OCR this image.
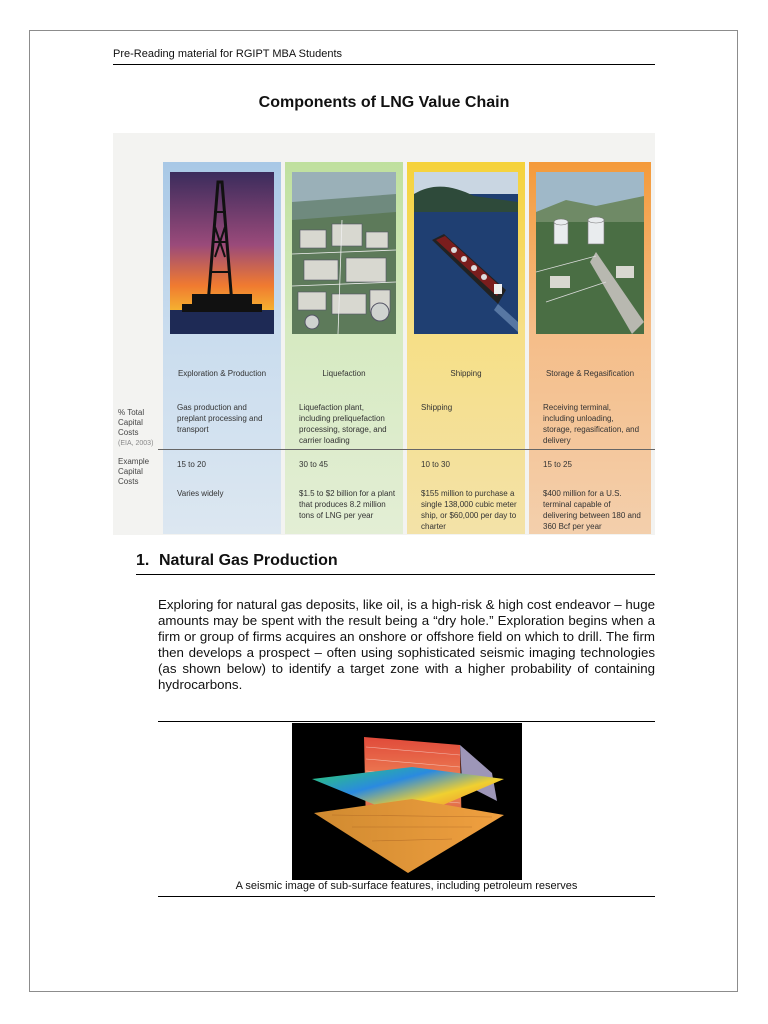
Pre-Reading material for RGIPT MBA Students
Components of LNG Value Chain
Exploration & Production
Gas production and preplant processing and transport
15 to 20
Varies widely
Liquefaction
Liquefaction plant, including preliquefaction processing, storage, and carrier loading
30 to 45
$1.5 to $2 billion for a plant that produces 8.2 million tons of LNG per year
Shipping
Shipping
10 to 30
$155 million to purchase a single 138,000 cubic meter ship, or $60,000 per day to charter
Storage & Regasification
Receiving terminal, including unloading, storage, regasification, and delivery
15 to 25
$400 million for a U.S. terminal capable of delivering between 180 and 360 Bcf per year
% Total Capital Costs
(EIA, 2003)
Example Capital Costs
1. Natural Gas Production
Exploring for natural gas deposits, like oil, is a high-risk & high cost endeavor – huge amounts may be spent with the result being a “dry hole.” Exploration begins when a firm or group of firms acquires an onshore or offshore field on which to drill. The firm then develops a prospect – often using sophisticated seismic imaging technologies (as shown below) to identify a target zone with a higher probability of containing hydrocarbons.
A seismic image of sub-surface features, including petroleum reserves
